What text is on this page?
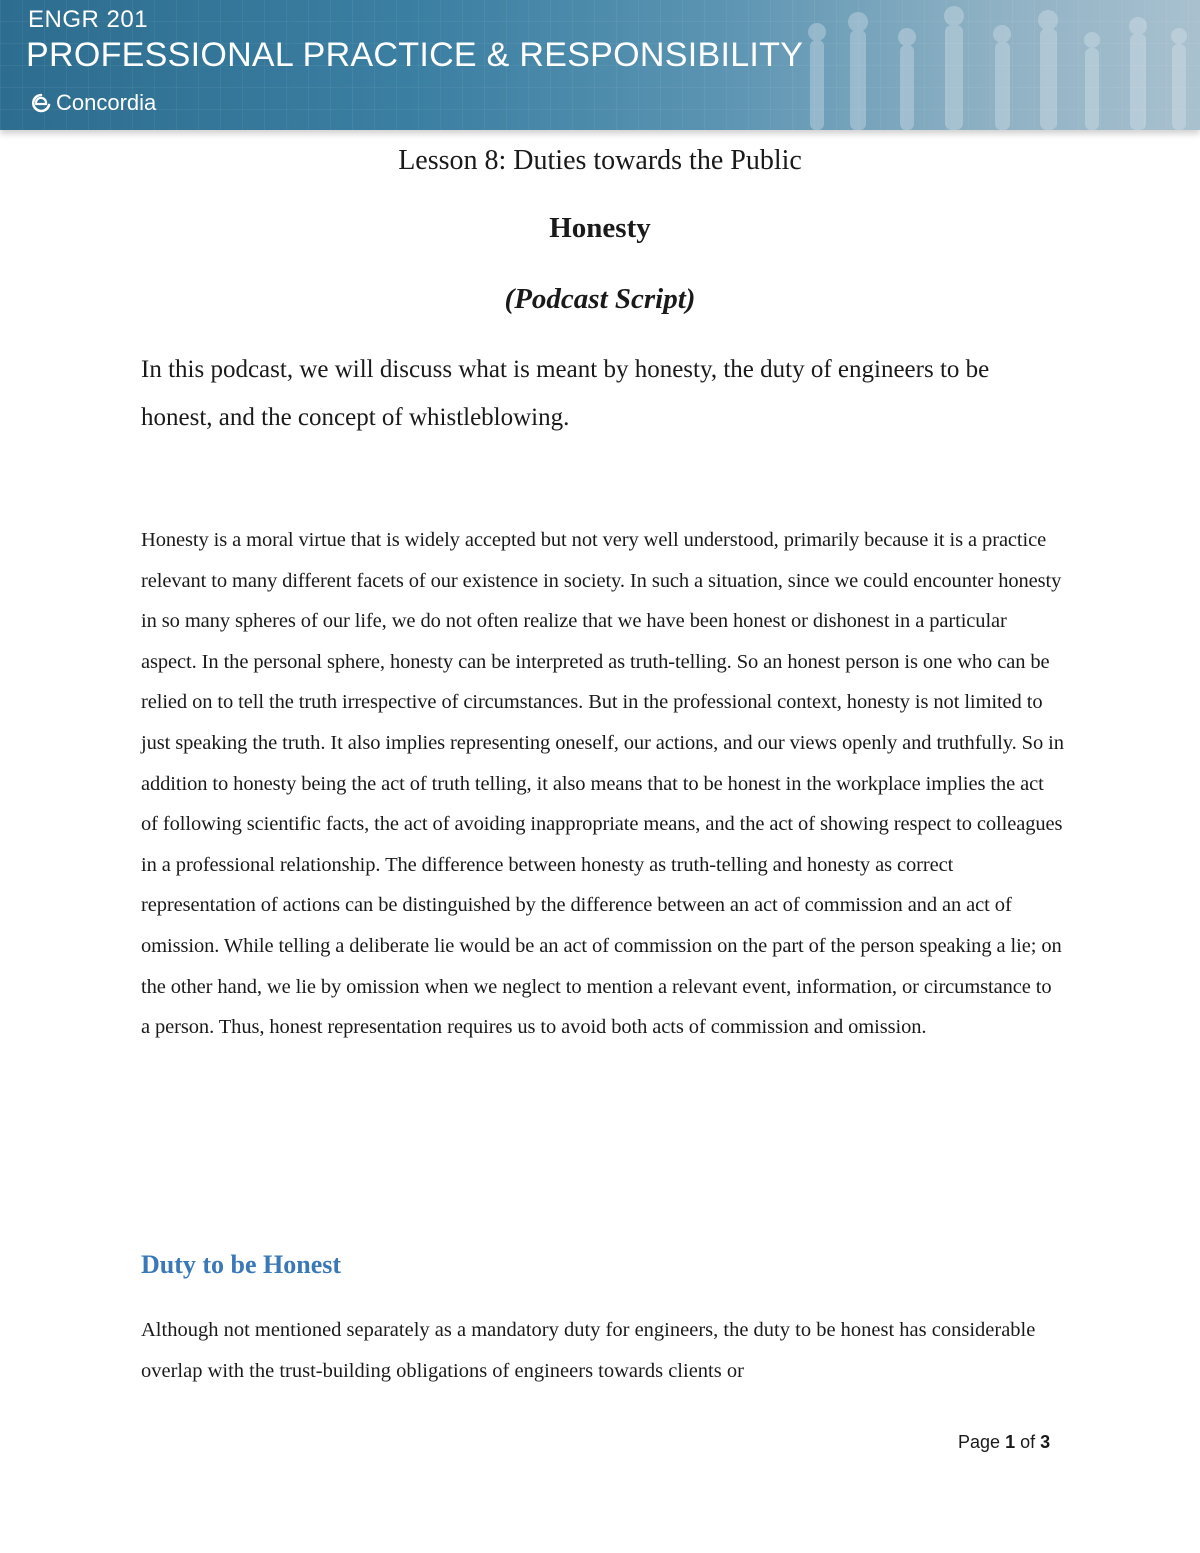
ENGR 201
PROFESSIONAL PRACTICE & RESPONSIBILITY
Concordia
Lesson 8: Duties towards the Public
Honesty
(Podcast Script)

In this podcast, we will discuss what is meant by honesty, the duty of engineers to be honest, and the concept of whistleblowing.

Honesty is a moral virtue that is widely accepted but not very well understood, primarily because it is a practice relevant to many different facets of our existence in society. In such a situation, since we could encounter honesty in so many spheres of our life, we do not often realize that we have been honest or dishonest in a particular aspect. In the personal sphere, honesty can be interpreted as truth-telling. So an honest person is one who can be relied on to tell the truth irrespective of circumstances. But in the professional context, honesty is not limited to just speaking the truth. It also implies representing oneself, our actions, and our views openly and truthfully. So in addition to honesty being the act of truth telling, it also means that to be honest in the workplace implies the act of following scientific facts, the act of avoiding inappropriate means, and the act of showing respect to colleagues in a professional relationship. The difference between honesty as truth-telling and honesty as correct representation of actions can be distinguished by the difference between an act of commission and an act of omission. While telling a deliberate lie would be an act of commission on the part of the person speaking a lie; on the other hand, we lie by omission when we neglect to mention a relevant event, information, or circumstance to a person. Thus, honest representation requires us to avoid both acts of commission and omission.

Duty to be Honest

Although not mentioned separately as a mandatory duty for engineers, the duty to be honest has considerable overlap with the trust-building obligations of engineers towards clients or

Page 1 of 3
